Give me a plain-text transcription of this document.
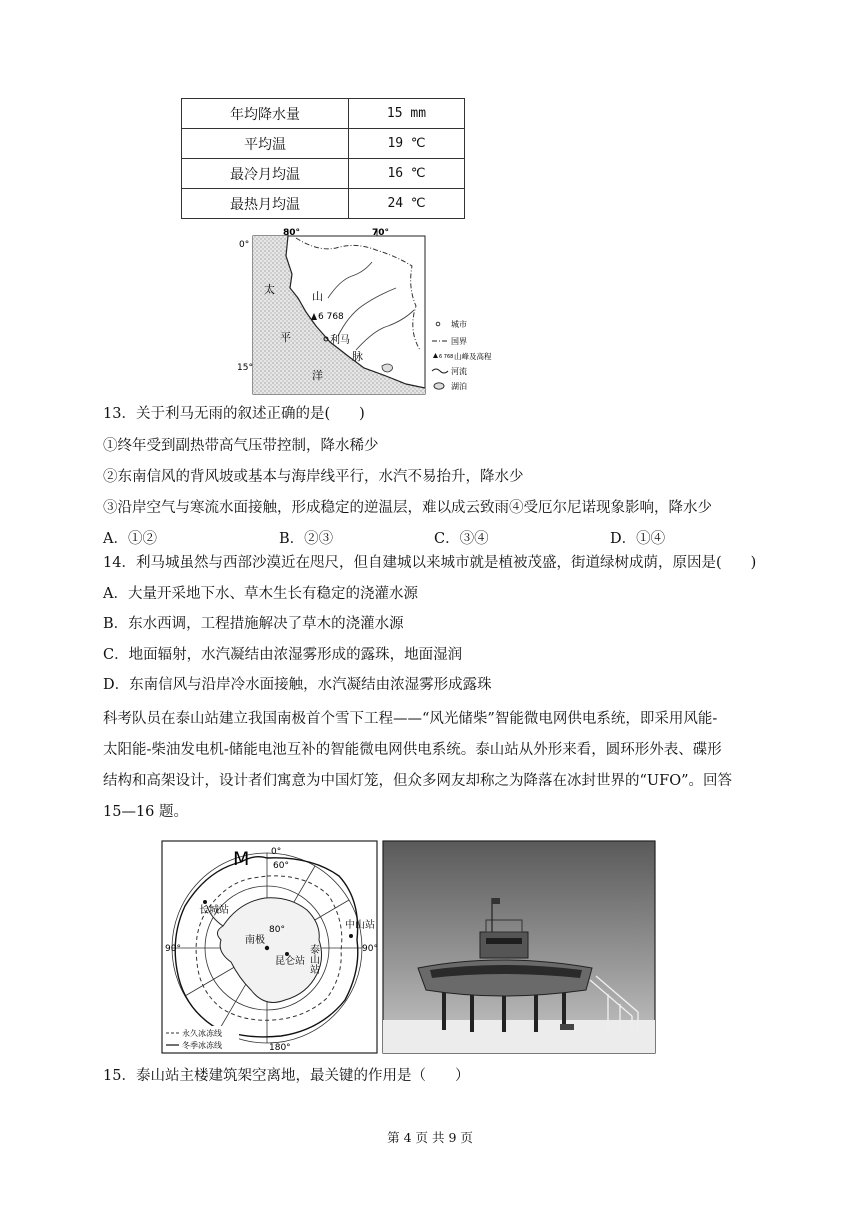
年均降水量	15 mm
平均温	19 ℃
最冷月均温	16 ℃
最热月均温	24 ℃
80°	70°
0°
15°
太
平
洋
山
脉
6 768
利马
城市
国界
6 768 山峰及高程
河流
湖泊
13．关于利马无雨的叙述正确的是(　　)
①终年受到副热带高气压带控制，降水稀少
②东南信风的背风坡或基本与海岸线平行，水汽不易抬升，降水少
③沿岸空气与寒流水面接触，形成稳定的逆温层，难以成云致雨④受厄尔尼诺现象影响，降水少
A．①②	B．②③	C．③④	D．①④
14．利马城虽然与西部沙漠近在咫尺，但自建城以来城市就是植被茂盛，街道绿树成荫，原因是(　　)
A．大量开采地下水、草木生长有稳定的浇灌水源
B．东水西调，工程措施解决了草木的浇灌水源
C．地面辐射，水汽凝结由浓湿雾形成的露珠，地面湿润
D．东南信风与沿岸冷水面接触，水汽凝结由浓湿雾形成露珠
科考队员在泰山站建立我国南极首个雪下工程——“风光储柴”智能微电网供电系统，即采用风能-
太阳能-柴油发电机-储能电池互补的智能微电网供电系统。泰山站从外形来看，圆环形外表、碟形
结构和高架设计，设计者们寓意为中国灯笼，但众多网友却称之为降落在冰封世界的“UFO”。回答
15—16 题。
M 0°
60°
180°
90°	90°
80°
长城站
中山站
南极
昆仑站 泰山站
永久冰冻线
冬季冰冻线
15．泰山站主楼建筑架空离地，最关键的作用是（　　）
第 4 页 共 9 页
